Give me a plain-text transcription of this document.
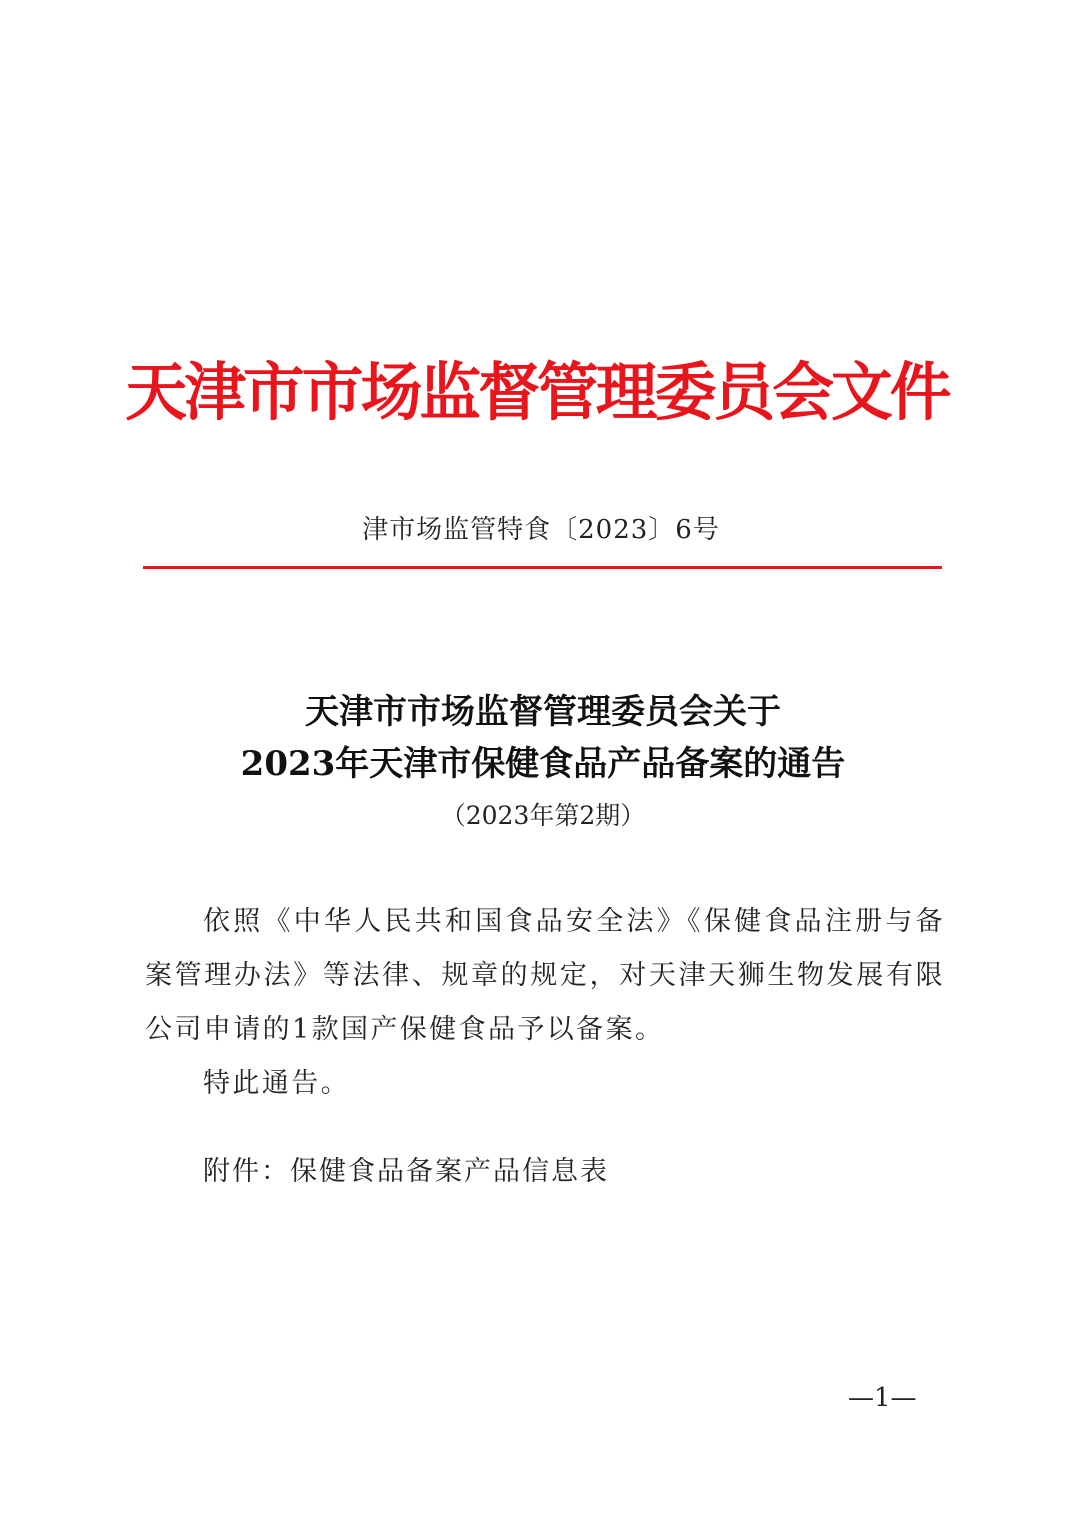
天津市市场监督管理委员会文件
津市场监管特食〔2023〕6号
天津市市场监督管理委员会关于
2023年天津市保健食品产品备案的通告
（2023年第2期）

依照《中华人民共和国食品安全法》《保健食品注册与备案管理办法》等法律、规章的规定，对天津天狮生物发展有限公司申请的1款国产保健食品予以备案。

特此通告。

附件：保健食品备案产品信息表
—1—
